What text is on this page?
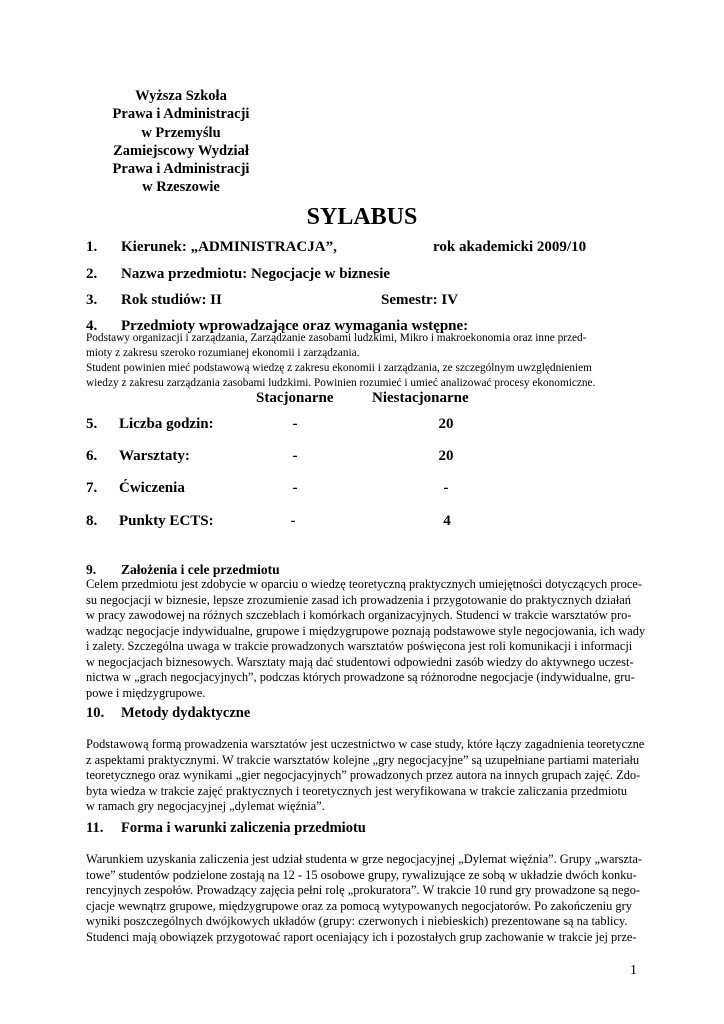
Wyższa Szkoła
Prawa i Administracji
w Przemyślu
Zamiejscowy Wydział
Prawa i Administracji
w Rzeszowie
SYLABUS
1. Kierunek: „ADMINISTRACJA”,	rok akademicki 2009/10
2. Nazwa przedmiotu: Negocjacje w biznesie
3. Rok studiów: II	Semestr: IV
4. Przedmioty wprowadzające oraz wymagania wstępne:
Podstawy organizacji i zarządzania, Zarządzanie zasobami ludzkimi, Mikro i makroekonomia oraz inne przed-
mioty z zakresu szeroko rozumianej ekonomii i zarządzania.
Student powinien mieć podstawową wiedzę z zakresu ekonomii i zarządzania, ze szczególnym uwzględnieniem
wiedzy z zakresu zarządzania zasobami ludzkimi. Powinien rozumieć i umieć analizować procesy ekonomiczne.
Stacjonarne	Niestacjonarne
5. Liczba godzin:	-	20
6. Warsztaty:	-	20
7. Ćwiczenia	-	-
8. Punkty ECTS:	-	4
9. Założenia i cele przedmiotu
Celem przedmiotu jest zdobycie w oparciu o wiedzę teoretyczną praktycznych umiejętności dotyczących proce-
su negocjacji w biznesie, lepsze zrozumienie zasad ich prowadzenia i przygotowanie do praktycznych działań
w pracy zawodowej na różnych szczeblach i komórkach organizacyjnych. Studenci w trakcie warsztatów pro-
wadząc negocjacje indywidualne, grupowe i międzygrupowe poznają podstawowe style negocjowania, ich wady
i zalety. Szczególna uwaga w trakcie prowadzonych warsztatów poświęcona jest roli komunikacji i informacji
w negocjacjach biznesowych. Warsztaty mają dać studentowi odpowiedni zasób wiedzy do aktywnego uczest-
nictwa w „grach negocjacyjnych”, podczas których prowadzone są różnorodne negocjacje (indywidualne, gru-
powe i międzygrupowe.
10. Metody dydaktyczne
Podstawową formą prowadzenia warsztatów jest uczestnictwo w case study, które łączy zagadnienia teoretyczne
z aspektami praktycznymi. W trakcie warsztatów kolejne „gry negocjacyjne” są uzupełniane partiami materiału
teoretycznego oraz wynikami „gier negocjacyjnych” prowadzonych przez autora na innych grupach zajęć. Zdo-
byta wiedza w trakcie zajęć praktycznych i teoretycznych jest weryfikowana w trakcie zaliczania przedmiotu
w ramach gry negocjacyjnej „dylemat więźnia”.
11. Forma i warunki zaliczenia przedmiotu
Warunkiem uzyskania zaliczenia jest udział studenta w grze negocjacyjnej „Dylemat więźnia”. Grupy „warszta-
towe” studentów podzielone zostają na 12 - 15 osobowe grupy, rywalizujące ze sobą w układzie dwóch konku-
rencyjnych zespołów. Prowadzący zajęcia pełni rolę „prokuratora”. W trakcie 10 rund gry prowadzone są nego-
cjacje wewnątrz grupowe, międzygrupowe oraz za pomocą wytypowanych negocjatorów. Po zakończeniu gry
wyniki poszczególnych dwójkowych układów (grupy: czerwonych i niebieskich) prezentowane są na tablicy.
Studenci mają obowiązek przygotować raport oceniający ich i pozostałych grup zachowanie w trakcie jej prze-
1
